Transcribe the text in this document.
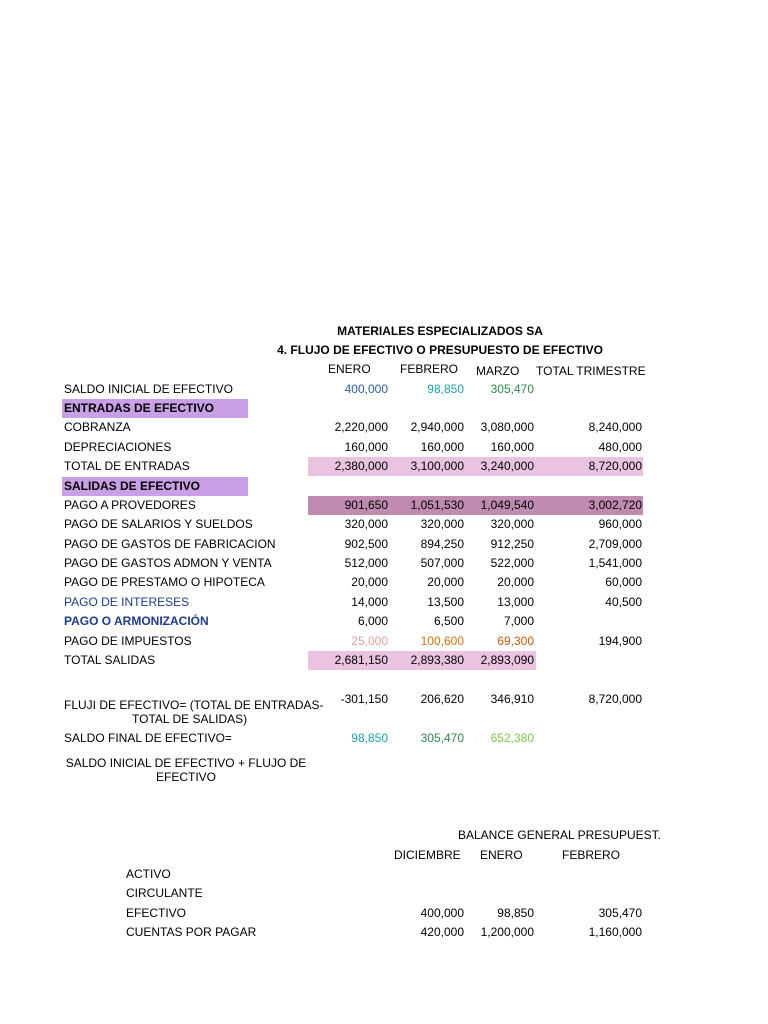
MATERIALES ESPECIALIZADOS SA
4. FLUJO DE EFECTIVO O PRESUPUESTO DE EFECTIVO
ENERO FEBRERO MARZO TOTAL TRIMESTRE
SALDO INICIAL DE EFECTIVO	400,000	98,850 305,470
ENTRADAS DE EFECTIVO
COBRANZA	2,220,000 2,940,000 3,080,000	8,240,000
DEPRECIACIONES	160,000	160,000 160,000	480,000
TOTAL DE ENTRADAS	2,380,000 3,100,000 3,240,000	8,720,000
SALIDAS DE EFECTIVO
PAGO A PROVEDORES	901,650 1,051,530 1,049,540	3,002,720
PAGO DE SALARIOS Y SUELDOS	320,000	320,000 320,000	960,000
PAGO DE GASTOS DE FABRICACION	902,500	894,250 912,250	2,709,000
PAGO DE GASTOS ADMON Y VENTA	512,000	507,000 522,000	1,541,000
PAGO DE PRESTAMO O HIPOTECA	20,000	20,000	20,000	60,000
PAGO DE INTERESES	14,000	13,500	13,000	40,500
PAGO O ARMONIZACIÓN	6,000	6,500	7,000
PAGO DE IMPUESTOS	25,000	100,600	69,300	194,900
TOTAL SALIDAS	2,681,150 2,893,380 2,893,090
FLUJI DE EFECTIVO= (TOTAL DE ENTRADAS-
TOTAL DE SALIDAS)
-301,150	206,620 346,910	8,720,000
SALDO FINAL DE EFECTIVO=	98,850	305,470 652,380
SALDO INICIAL DE EFECTIVO + FLUJO DE
EFECTIVO
BALANCE GENERAL PRESUPUEST.
DICIEMBRE ENERO	FEBRERO
ACTIVO
CIRCULANTE
EFECTIVO	400,000	98,850	305,470
CUENTAS POR PAGAR	420,000 1,200,000	1,160,000
